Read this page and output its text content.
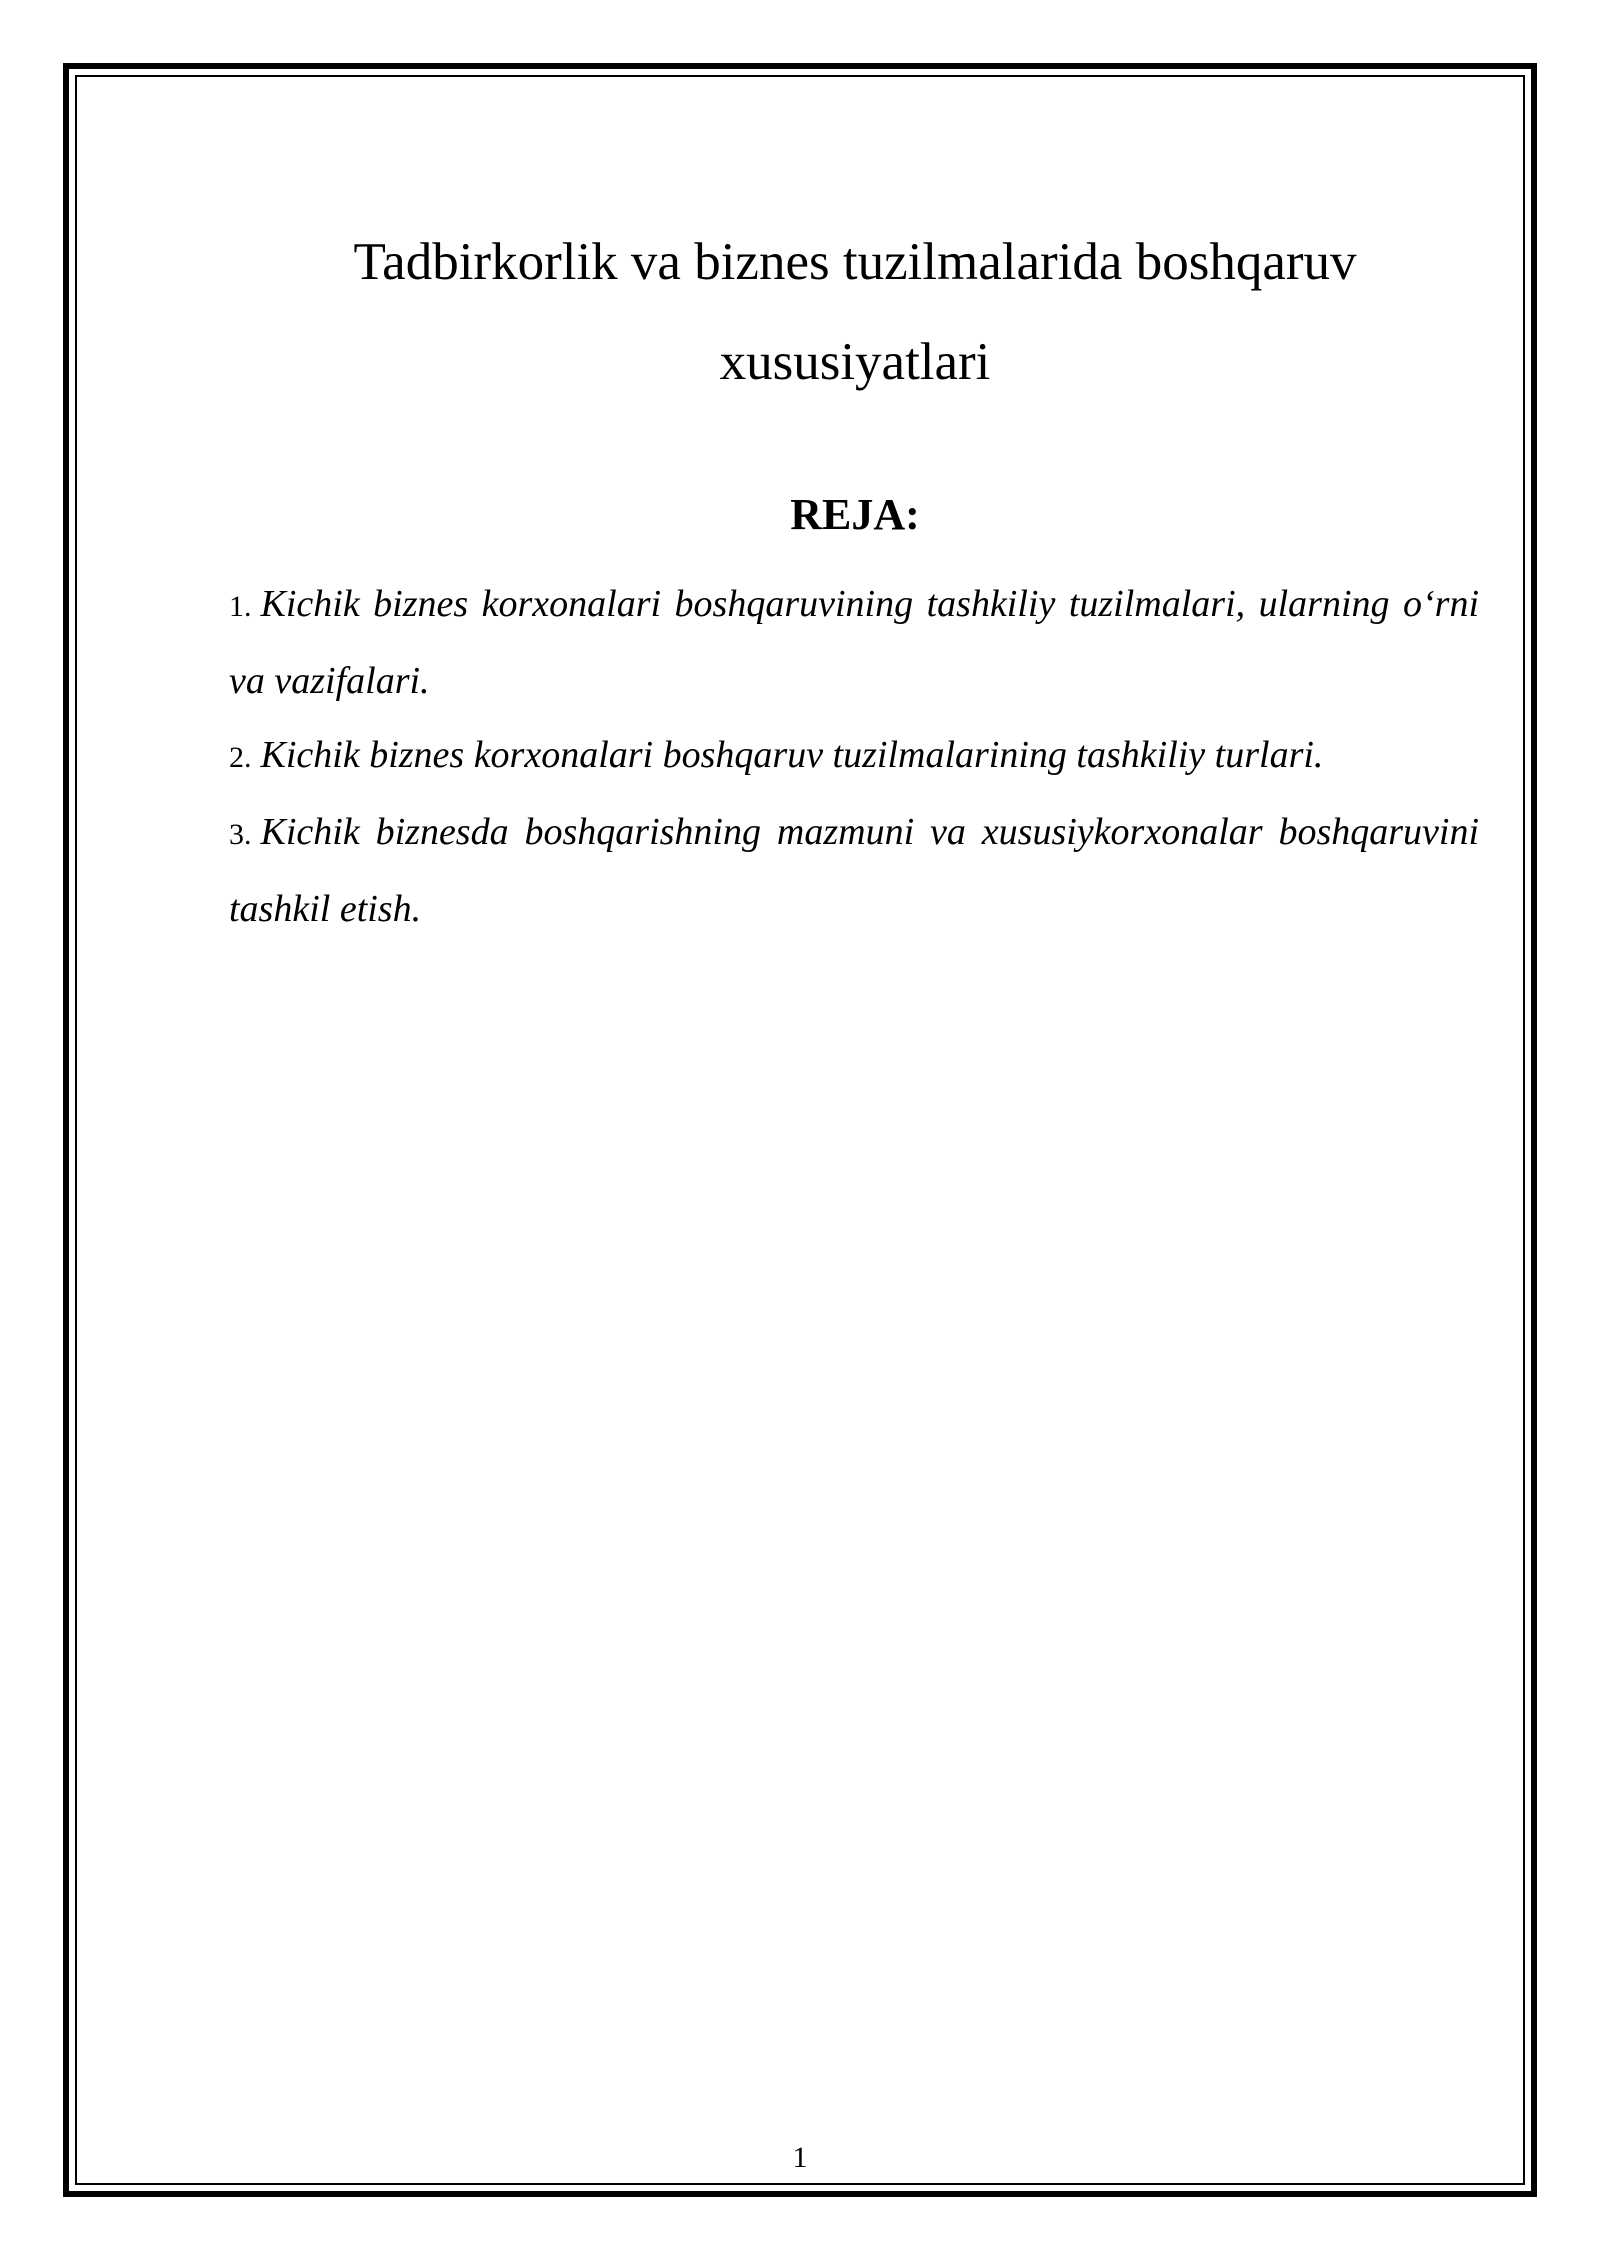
Tadbirkorlik va biznes tuzilmalarida boshqaruv xususiyatlari
REJA:
1. Kichik biznes korxonalari boshqaruvining tashkiliy tuzilmalari, ularning o‘rni va vazifalari.
2. Kichik biznes korxonalari boshqaruv tuzilmalarining tashkiliy turlari.
3. Kichik biznesda boshqarishning mazmuni va xususiykorxonalar boshqaruvini tashkil etish.
1
